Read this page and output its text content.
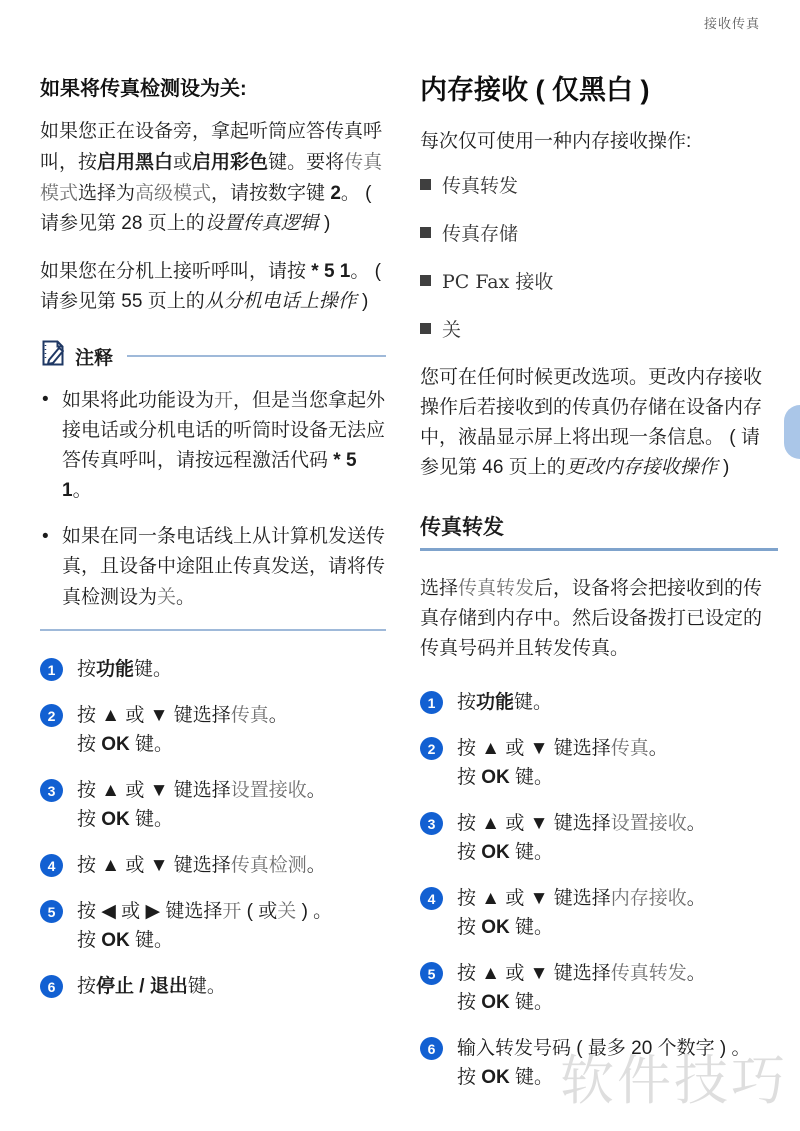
接收传真
如果将传真检测设为关:

如果您正在设备旁，拿起听筒应答传真呼叫，按启用黑白或启用彩色键。要将传真模式选择为高级模式，请按数字键 2。 ( 请参见第 28 页上的设置传真逻辑 )

如果您在分机上接听呼叫，请按 * 5 1。 ( 请参见第 55 页上的从分机电话上操作 )

注释
• 如果将此功能设为开，但是当您拿起外接电话或分机电话的听筒时设备无法应答传真呼叫，请按远程激活代码 * 5 1。
• 如果在同一条电话线上从计算机发送传真，且设备中途阻止传真发送，请将传真检测设为关。
1	按功能键。
2	按 ▲ 或 ▼ 键选择传真。
按 OK 键。
3	按 ▲ 或 ▼ 键选择设置接收。
按 OK 键。
4	按 ▲ 或 ▼ 键选择传真检测。
5	按 ◀ 或 ▶ 键选择开 ( 或关 ) 。
按 OK 键。
6	按停止 / 退出键。
内存接收 ( 仅黑白 )

每次仅可使用一种内存接收操作:

传真转发
传真存储
PC Fax 接收
关

您可在任何时候更改选项。更改内存接收操作后若接收到的传真仍存储在设备内存中，液晶显示屏上将出现一条信息。 ( 请参见第 46 页上的更改内存接收操作 )

传真转发

选择传真转发后，设备将会把接收到的传真存储到内存中。然后设备拨打已设定的传真号码并且转发传真。

1	按功能键。
2	按 ▲ 或 ▼ 键选择传真。
按 OK 键。
3	按 ▲ 或 ▼ 键选择设置接收。
按 OK 键。
4	按 ▲ 或 ▼ 键选择内存接收。
按 OK 键。
5	按 ▲ 或 ▼ 键选择传真转发。
按 OK 键。
6	输入转发号码 ( 最多 20 个数字 ) 。
按 OK 键。 软件技巧
